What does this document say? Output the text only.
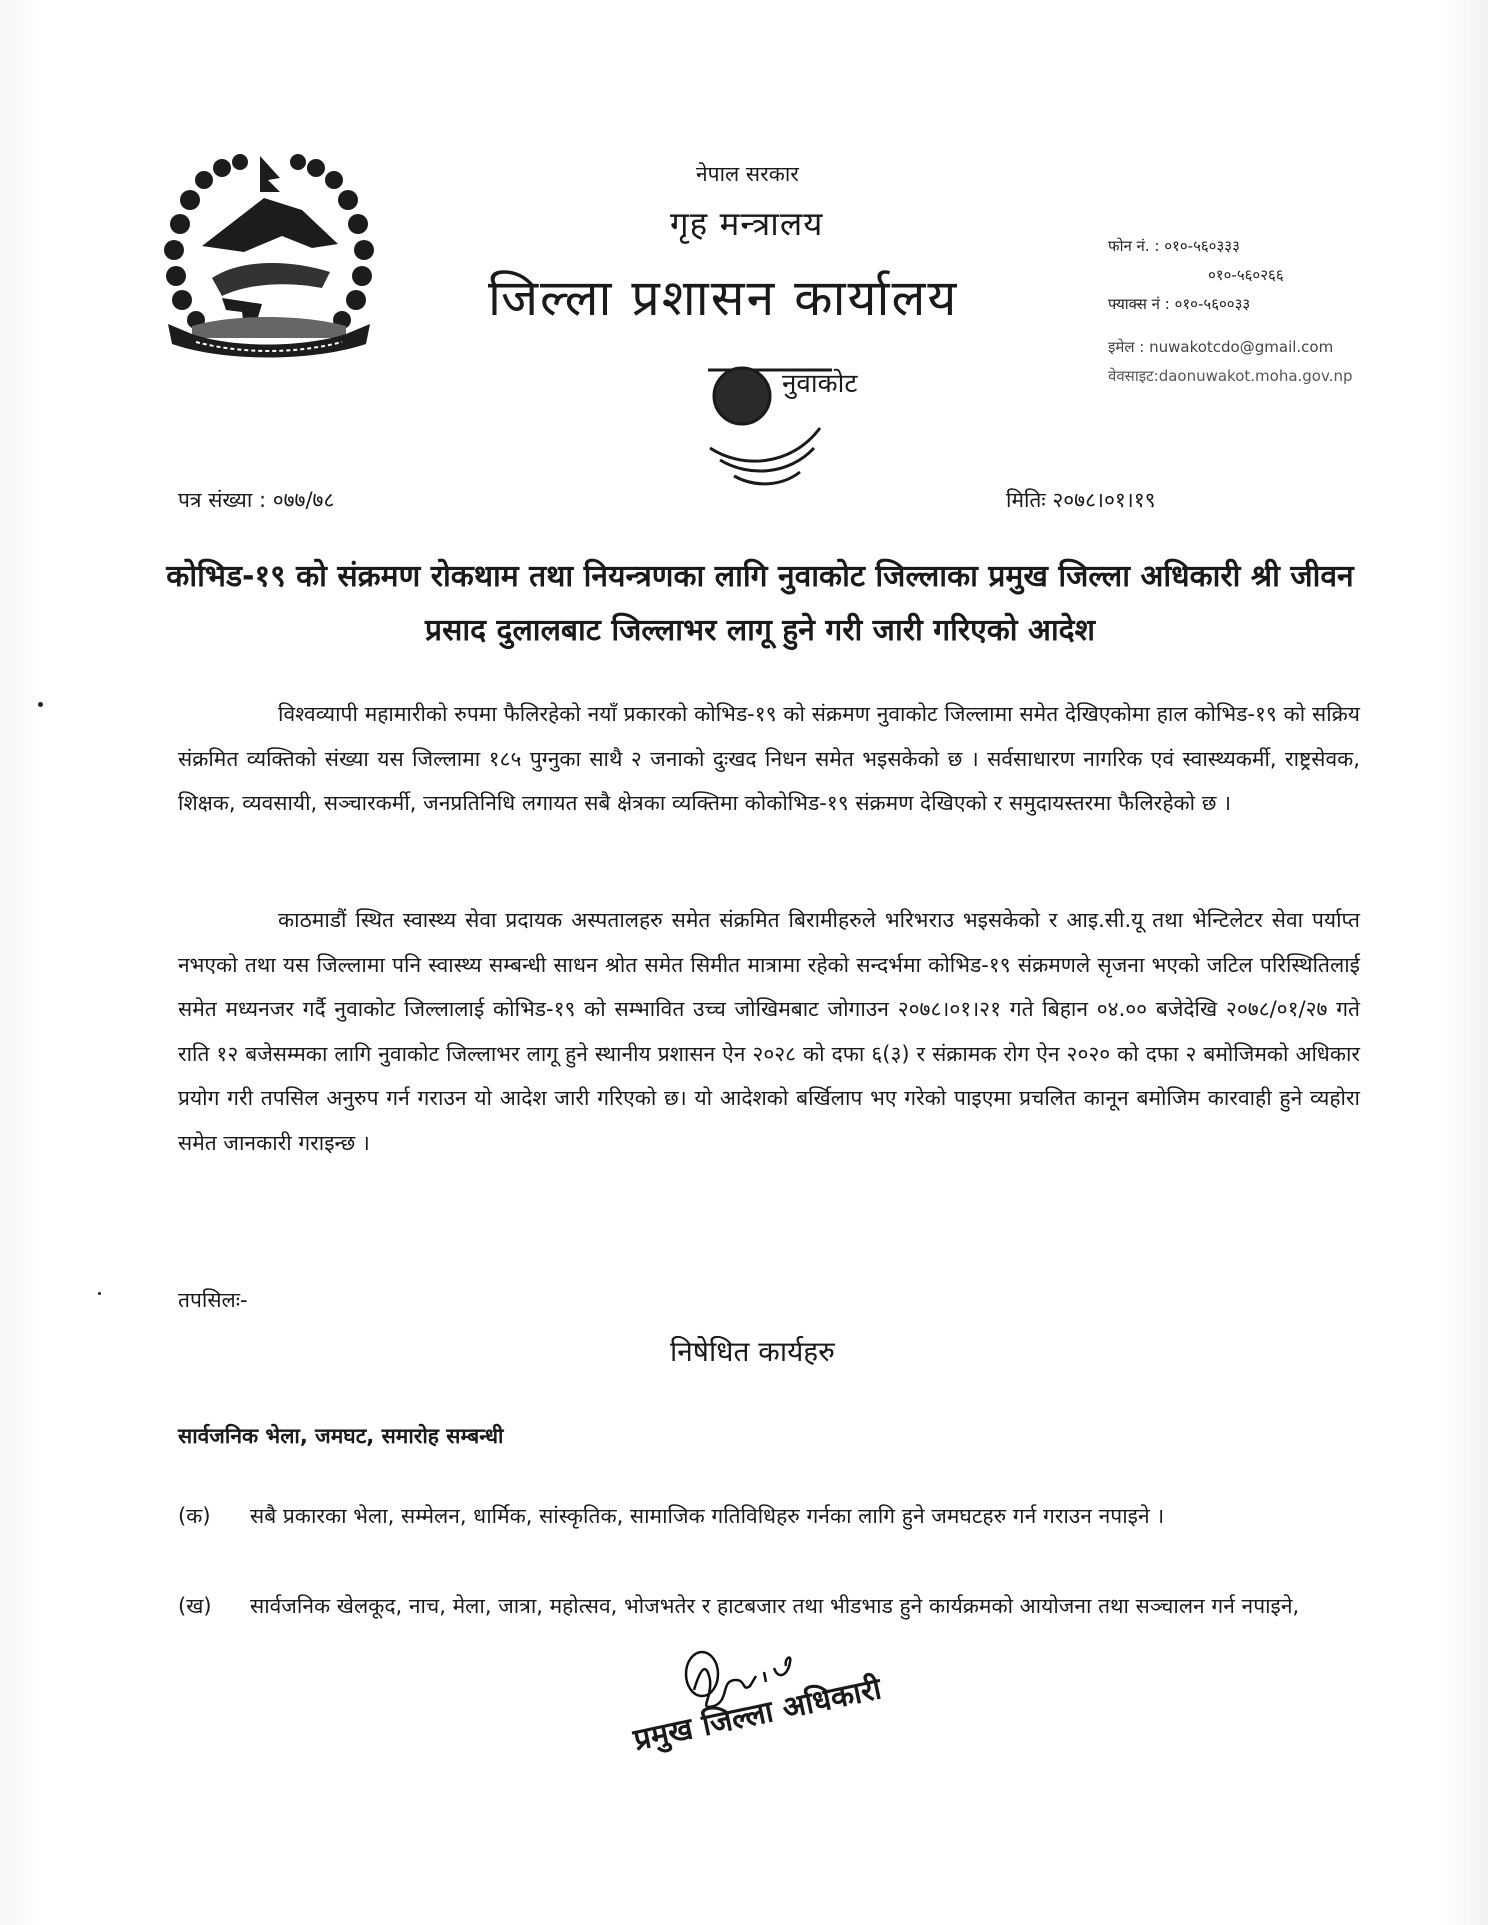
नेपाल सरकार
गृह मन्त्रालय
जिल्ला प्रशासन कार्यालय
फोन नं. : ०१०-५६०३३३
०१०-५६०२६६
फ्याक्स नं : ०१०-५६००३३
इमेल : nuwakotcdo@gmail.com
वेवसाइट:daonuwakot.moha.gov.np
नुवाकोट
पत्र संख्या : ०७७/७८	मितिः २०७८।०१।१९
कोभिड-१९ को संक्रमण रोकथाम तथा नियन्त्रणका लागि नुवाकोट जिल्लाका प्रमुख जिल्ला अधिकारी श्री जीवन प्रसाद दुलालबाट जिल्लाभर लागू हुने गरी जारी गरिएको आदेश
विश्वव्यापी महामारीको रुपमा फैलिरहेको नयाँ प्रकारको कोभिड-१९ को संक्रमण नुवाकोट जिल्लामा समेत देखिएकोमा हाल कोभिड-१९ को सक्रिय संक्रमित व्यक्तिको संख्या यस जिल्लामा १८५ पुग्नुका साथै २ जनाको दुःखद निधन समेत भइसकेको छ । सर्वसाधारण नागरिक एवं स्वास्थ्यकर्मी, राष्ट्रसेवक, शिक्षक, व्यवसायी, सञ्चारकर्मी, जनप्रतिनिधि लगायत सबै क्षेत्रका व्यक्तिमा कोकोभिड-१९ संक्रमण देखिएको र समुदायस्तरमा फैलिरहेको छ ।
काठमाडौं स्थित स्वास्थ्य सेवा प्रदायक अस्पतालहरु समेत संक्रमित बिरामीहरुले भरिभराउ भइसकेको र आइ.सी.यू तथा भेन्टिलेटर सेवा पर्याप्त नभएको तथा यस जिल्लामा पनि स्वास्थ्य सम्बन्धी साधन श्रोत समेत सिमीत मात्रामा रहेको सन्दर्भमा कोभिड-१९ संक्रमणले सृजना भएको जटिल परिस्थितिलाई समेत मध्यनजर गर्दै नुवाकोट जिल्लालाई कोभिड-१९ को सम्भावित उच्च जोखिमबाट जोगाउन २०७८।०१।२१ गते बिहान ०४.०० बजेदेखि २०७८/०१/२७ गते राति १२ बजेसम्मका लागि नुवाकोट जिल्लाभर लागू हुने स्थानीय प्रशासन ऐन २०२८ को दफा ६(३) र संक्रामक रोग ऐन २०२० को दफा २ बमोजिमको अधिकार प्रयोग गरी तपसिल अनुरुप गर्न गराउन यो आदेश जारी गरिएको छ। यो आदेशको बर्खिलाप भए गरेको पाइएमा प्रचलित कानून बमोजिम कारवाही हुने व्यहोरा समेत जानकारी गराइन्छ ।
तपसिलः-
निषेधित कार्यहरु
सार्वजनिक भेला, जमघट, समारोह सम्बन्धी
(क)	सबै प्रकारका भेला, सम्मेलन, धार्मिक, सांस्कृतिक, सामाजिक गतिविधिहरु गर्नका लागि हुने जमघटहरु गर्न गराउन नपाइने ।
(ख)	सार्वजनिक खेलकूद, नाच, मेला, जात्रा, महोत्सव, भोजभतेर र हाटबजार तथा भीडभाड हुने कार्यक्रमको आयोजना तथा सञ्चालन गर्न नपाइने,
प्रमुख जिल्ला अधिकारी
